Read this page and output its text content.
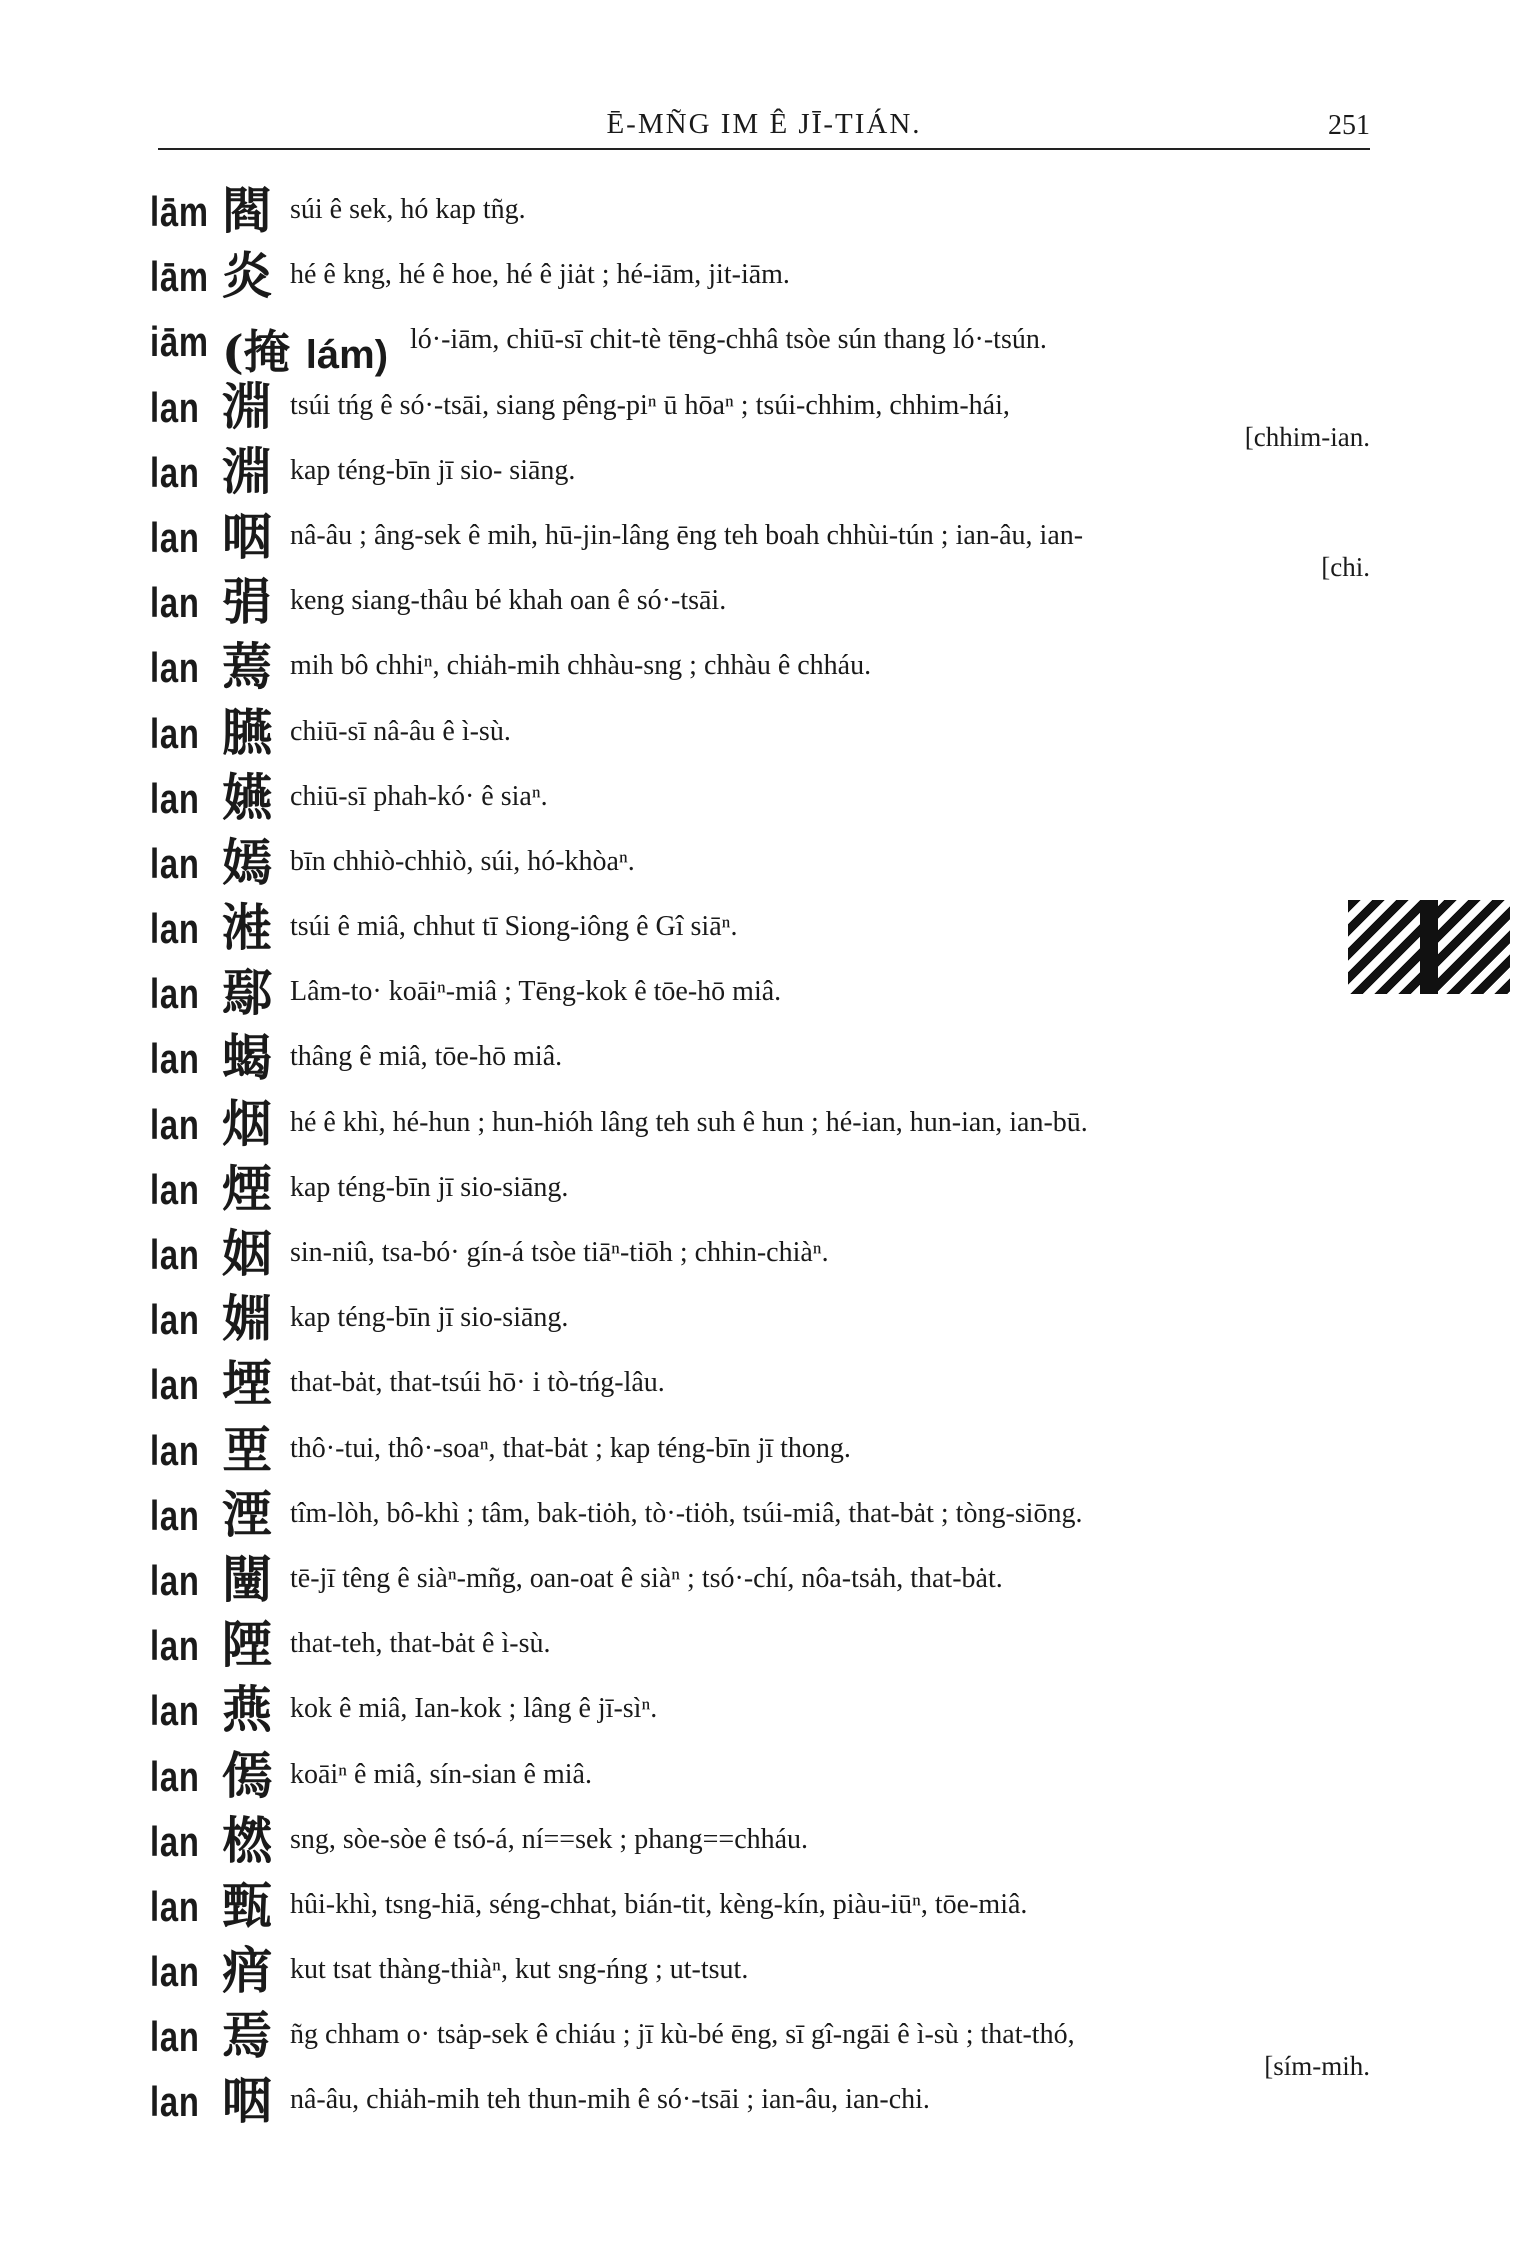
Ē-MÑG IM Ê JĪ-TIÁN.	251
lām 閻 súi ê sek, hó kap tñg.
lām 炎 hé ê kng, hé ê hoe, hé ê jiȧt ; hé-iām, jit-iām.
iām (掩 lám) ló·-iām, chiū-sī chit-tè tēng-chhâ tsòe sún thang ló·-tsún.
lan 淵 tsúi tńg ê só·-tsāi, siang pêng-piⁿ ū hōaⁿ ; tsúi-chhim, chhim-hái,
[chhim-ian.
lan 淵 kap téng-bīn jī sio- siāng.
lan 咽 nâ-âu ; âng-sek ê mih, hū-jin-lâng ēng teh boah chhùi-tún ; ian-âu, ian-
[chi.
lan 弲 keng siang-thâu bé khah oan ê só·-tsāi.
lan 蔫 mih bô chhiⁿ, chiȧh-mih chhàu-sng ; chhàu ê chháu.
lan 臙 chiū-sī nâ-âu ê ì-sù.
lan 嬿 chiū-sī phah-kó· ê siaⁿ.
lan 嫣 bīn chhiò-chhiò, súi, hó-khòaⁿ.
lan 溎 tsúi ê miâ, chhut tī Siong-iông ê Gî siāⁿ.
lan 鄢 Lâm-to· koāiⁿ-miâ ; Tēng-kok ê tōe-hō miâ.
lan 蝎 thâng ê miâ, tōe-hō miâ.
lan 烟 hé ê khì, hé-hun ; hun-hióh lâng teh suh ê hun ; hé-ian, hun-ian, ian-bū.
lan 煙 kap téng-bīn jī sio-siāng.
lan 姻 sin-niû, tsa-bó· gín-á tsòe tiāⁿ-tiōh ; chhin-chiàⁿ.
lan 婣 kap téng-bīn jī sio-siāng.
lan 堙 that-bȧt, that-tsúi hō· i tò-tńg-lâu.
lan 垔 thô·-tui, thô·-soaⁿ, that-bȧt ; kap téng-bīn jī thong.
lan 湮 tîm-lòh, bô-khì ; tâm, bak-tiȯh, tò·-tiȯh, tsúi-miâ, that-bȧt ; tòng-siōng.
lan 闉 tē-jī têng ê siàⁿ-mñg, oan-oat ê siàⁿ ; tsó·-chí, nôa-tsȧh, that-bȧt.
lan 陻 that-teh, that-bȧt ê ì-sù.
lan 燕 kok ê miâ, Ian-kok ; lâng ê jī-sìⁿ.
lan 傿 koāiⁿ ê miâ, sín-sian ê miâ.
lan 橪 sng, sòe-sòe ê tsó-á, ní==sek ; phang==chháu.
lan 甄 hûi-khì, tsng-hiā, séng-chhat, bián-tit, kèng-kín, piàu-iūⁿ, tōe-miâ.
lan 痟 kut tsat thàng-thiàⁿ, kut sng-ńng ; ut-tsut.
lan 焉 ñg chham o· tsȧp-sek ê chiáu ; jī kù-bé ēng, sī gî-ngāi ê ì-sù ; that-thó,
[sím-mih.
lan 咽 nâ-âu, chiȧh-mih teh thun-mih ê só·-tsāi ; ian-âu, ian-chi.
